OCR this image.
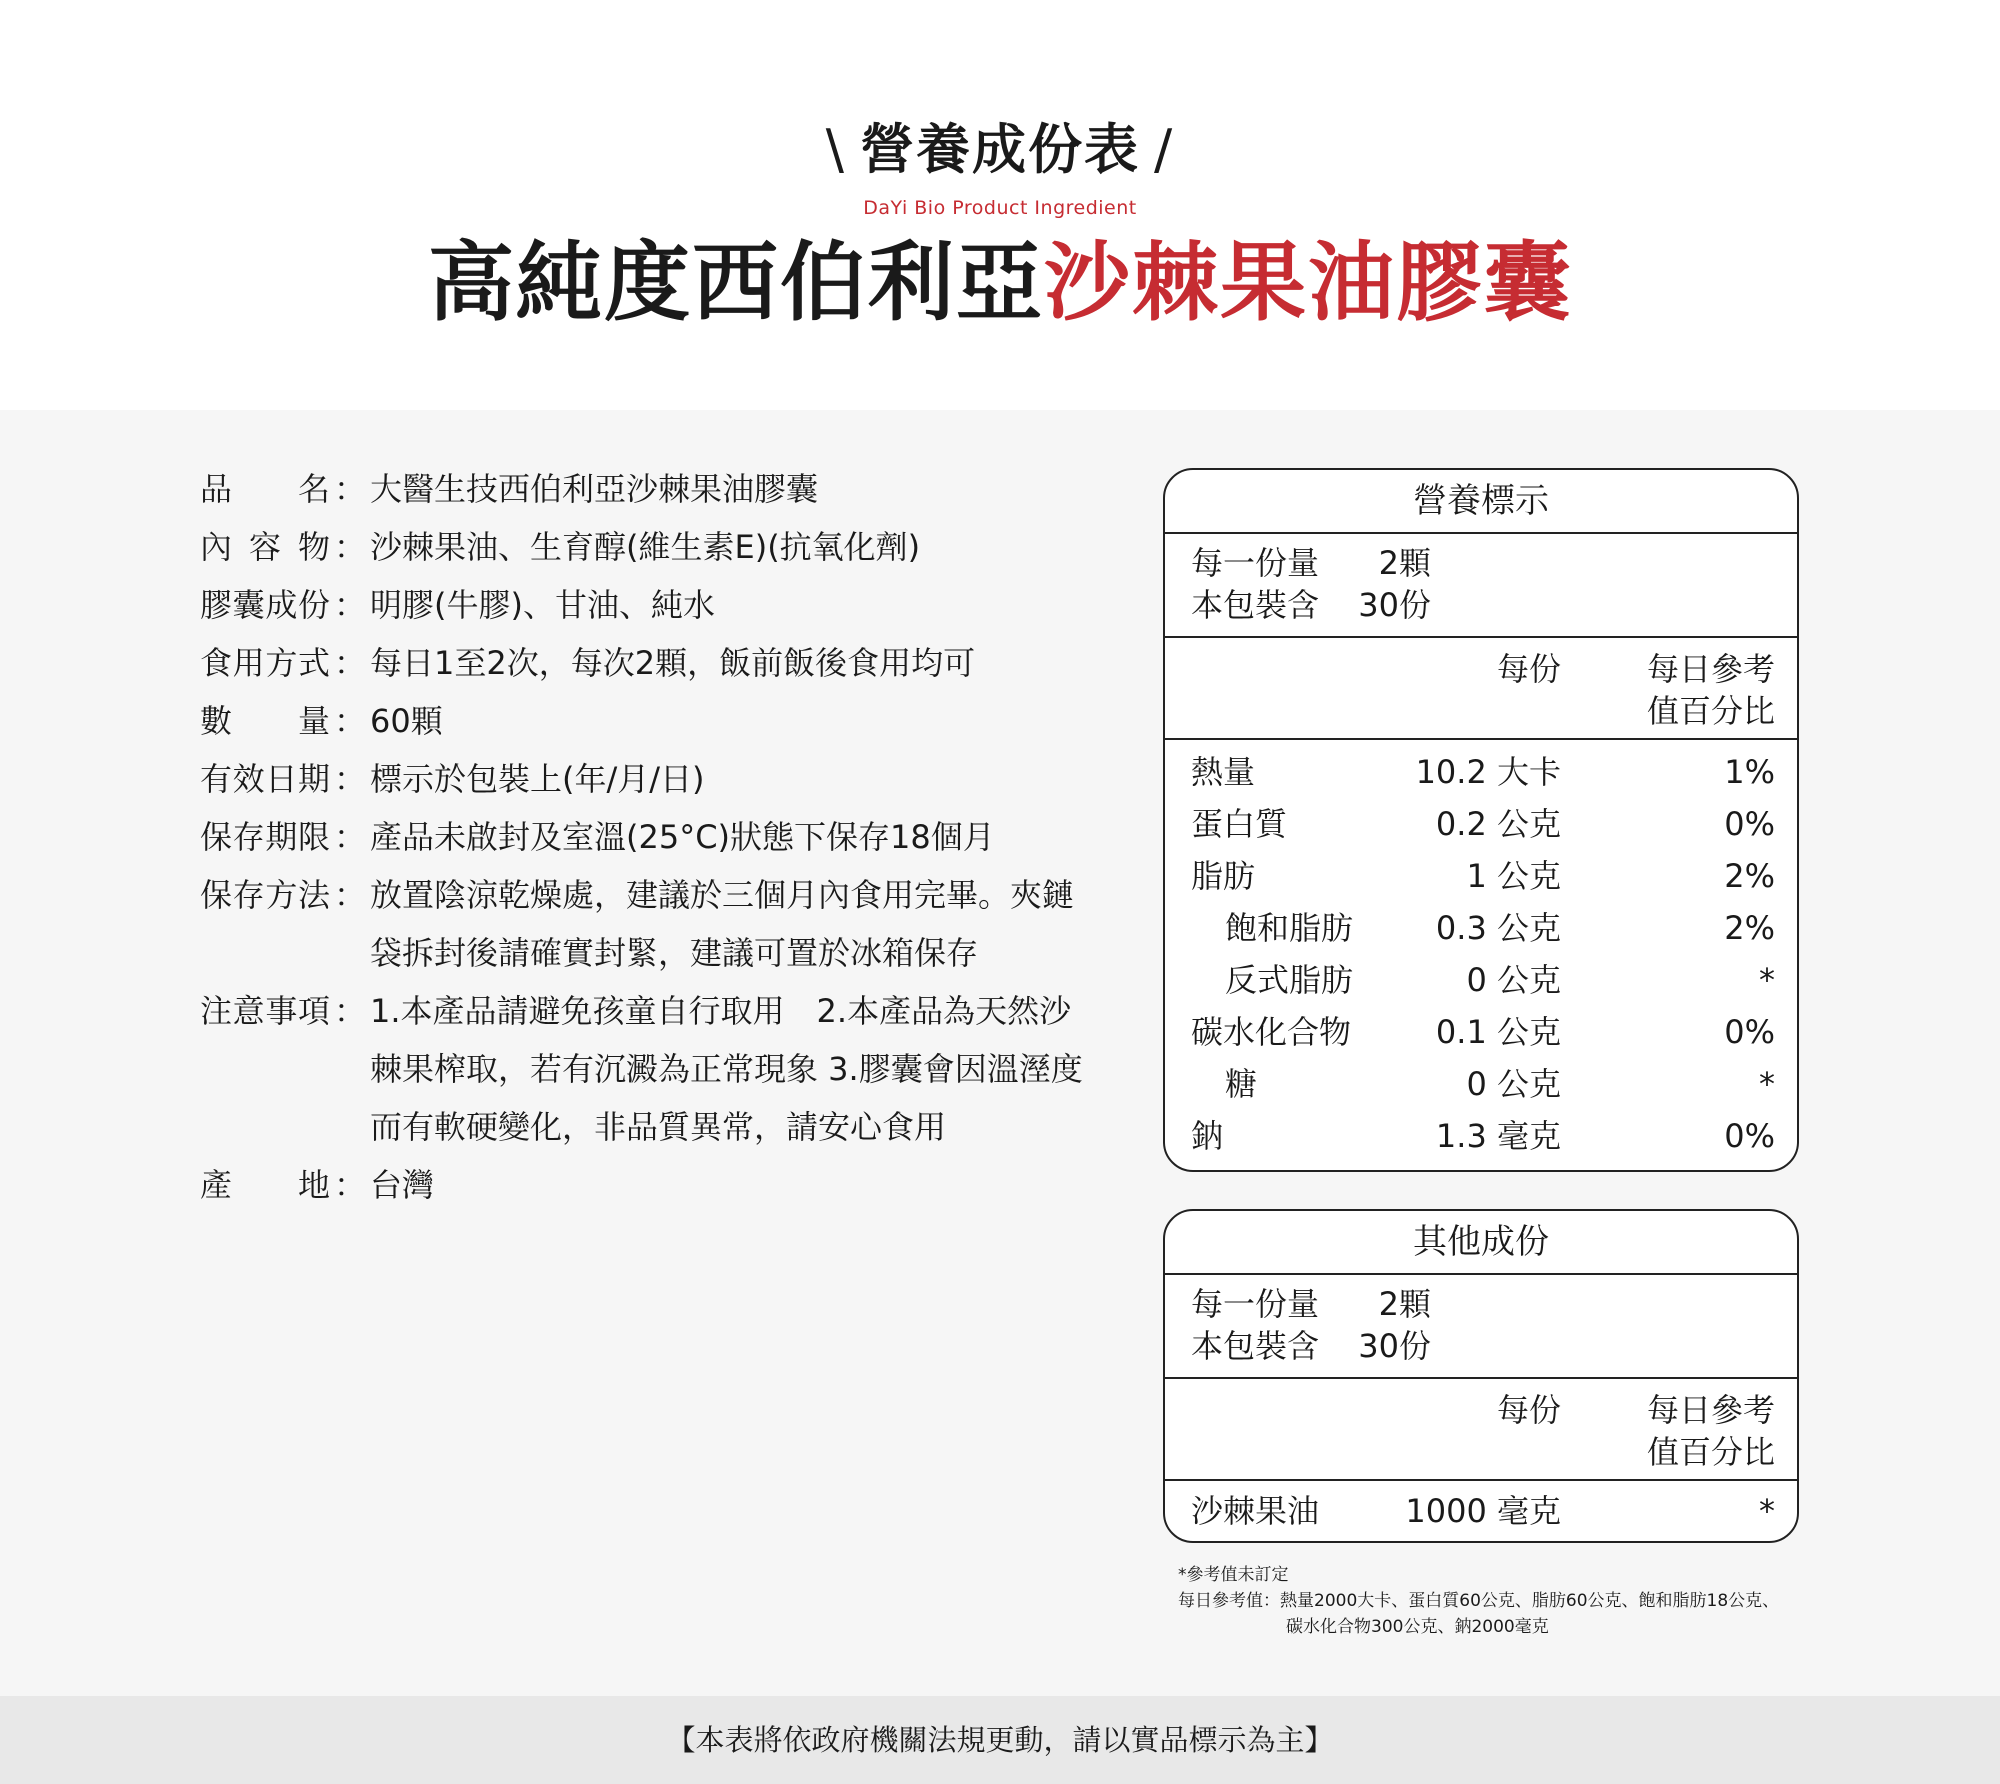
\ 營養成份表 /
DaYi Bio Product Ingredient
高純度西伯利亞沙棘果油膠囊
品名 ： 大醫生技西伯利亞沙棘果油膠囊
內容物 ： 沙棘果油、生育醇(維生素E)(抗氧化劑)
膠囊成份 ： 明膠(牛膠)、甘油、純水
食用方式 ： 每日1至2次，每次2顆，飯前飯後食用均可
數量 ： 60顆
有效日期 ： 標示於包裝上(年/月/日)
保存期限 ： 產品未啟封及室溫(25°C)狀態下保存18個月
保存方法 ： 放置陰涼乾燥處，建議於三個月內食用完畢。夾鏈袋拆封後請確實封緊，建議可置於冰箱保存
注意事項 ： 1.本產品請避免孩童自行取用　2.本產品為天然沙棘果榨取，若有沉澱為正常現象 3.膠囊會因溫溼度而有軟硬變化，非品質異常，請安心食用
產地 ： 台灣
營養標示
每一份量	2顆
本包裝含	30份
每份	每日參考
值百分比
熱量	10.2 大卡	1%
蛋白質	0.2 公克	0%
脂肪	1 公克	2%
飽和脂肪	0.3 公克	2%
反式脂肪	0 公克	*
碳水化合物	0.1 公克	0%
糖	0 公克	*
鈉	1.3 毫克	0%
其他成份
每一份量	2顆
本包裝含	30份
每份	每日參考
值百分比
沙棘果油	1000 毫克	*
*參考值未訂定
每日參考值：熱量2000大卡、蛋白質60公克、脂肪60公克、飽和脂肪18公克、
碳水化合物300公克、鈉2000毫克
【本表將依政府機關法規更動，請以實品標示為主】
